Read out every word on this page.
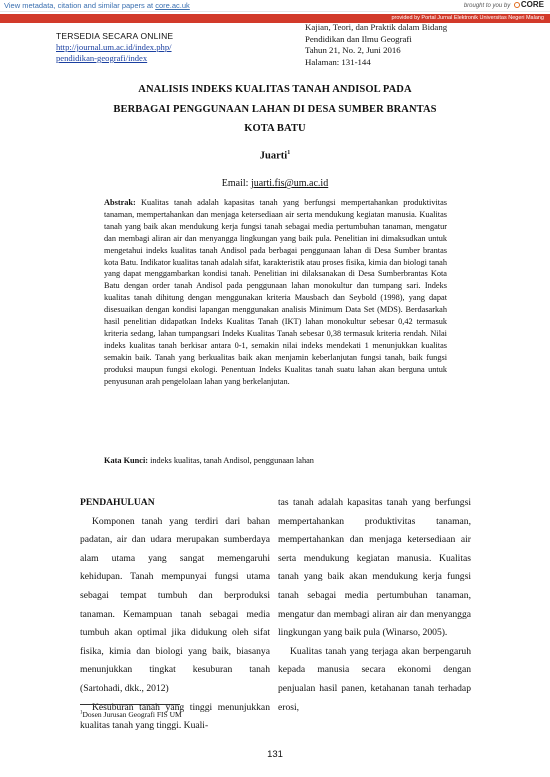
View metadata, citation and similar papers at core.ac.uk	brought to you by CORE
provided by Portal Jurnal Elektronik Universitas Negeri Malang
TERSEDIA SECARA ONLINE
http://journal.um.ac.id/index.php/
pendidikan-geografi/index
Kajian, Teori, dan Praktik dalam Bidang
Pendidikan dan Ilmu Geografi
Tahun 21, No. 2, Juni 2016
Halaman: 131-144
ANALISIS INDEKS KUALITAS TANAH ANDISOL PADA
BERBAGAI PENGGUNAAN LAHAN DI DESA SUMBER BRANTAS
KOTA BATU
Juarti$^1$
Email: juarti.fis@um.ac.id
Abstrak: Kualitas tanah adalah kapasitas tanah yang berfungsi mempertahankan produktivitas tanaman, mempertahankan dan menjaga ketersediaan air serta mendukung kegiatan manusia. Kualitas tanah yang baik akan mendukung kerja fungsi tanah sebagai media pertumbuhan tanaman, mengatur dan membagi aliran air dan menyangga lingkungan yang baik pula. Penelitian ini dimaksudkan untuk mengetahui indeks kualitas tanah Andisol pada berbagai penggunaan lahan di Desa Sumber brantas kota Batu. Indikator kualitas tanah adalah sifat, karakteristik atau proses fisika, kimia dan biologi tanah yang dapat menggambarkan kondisi tanah. Penelitian ini dilaksanakan di Desa Sumberbrantas Kota Batu dengan order tanah Andisol pada penggunaan lahan monokultur dan tumpang sari. Indeks kualitas tanah dihitung dengan menggunakan kriteria Mausbach dan Seybold (1998), yang dapat disesuaikan dengan kondisi lapangan menggunakan analisis Minimum Data Set (MDS). Berdasarkah hasil penelitian didapatkan Indeks Kualitas Tanah (IKT) lahan monokultur sebesar 0,42 termasuk kriteria sedang, lahan tumpangsari Indeks Kualitas Tanah sebesar 0,38 termasuk kriteria rendah. Nilai indeks kualitas tanah berkisar antara 0-1, semakin nilai indeks mendekati 1 menunjukkan kualitas semakin baik. Tanah yang berkualitas baik akan menjamin keberlanjutan fungsi tanah, baik fungsi produksi maupun fungsi ekologi. Penentuan Indeks Kualitas tanah suatu lahan akan berguna untuk penyusunan arah pengelolaan lahan yang berkelanjutan.
Kata Kunci: indeks kualitas, tanah Andisol, penggunaan lahan
PENDAHULUAN

Komponen tanah yang terdiri dari bahan padatan, air dan udara merupakan sumberdaya alam utama yang sangat memengaruhi kehidupan. Tanah mempunyai fungsi utama sebagai tempat tumbuh dan berproduksi tanaman. Kemampuan tanah sebagai media tumbuh akan optimal jika didukung oleh sifat fisika, kimia dan biologi yang baik, biasanya menunjukkan tingkat kesuburan tanah (Sartohadi, dkk., 2012)

Kesuburan tanah yang tinggi menunjukkan kualitas tanah yang tinggi. Kuali-

tas tanah adalah kapasitas tanah yang berfungsi mempertahankan produktivitas tanaman, mempertahankan dan menjaga ketersediaan air serta mendukung kegiatan manusia. Kualitas tanah yang baik akan mendukung kerja fungsi tanah sebagai media pertumbuhan tanaman, mengatur dan membagi aliran air dan menyangga lingkungan yang baik pula (Winarso, 2005).

Kualitas tanah yang terjaga akan berpengaruh kepada manusia secara ekonomi dengan penjualan hasil panen, ketahanan tanah terhadap erosi,

$^1$Dosen Jurusan Geografi FIS UM
131
